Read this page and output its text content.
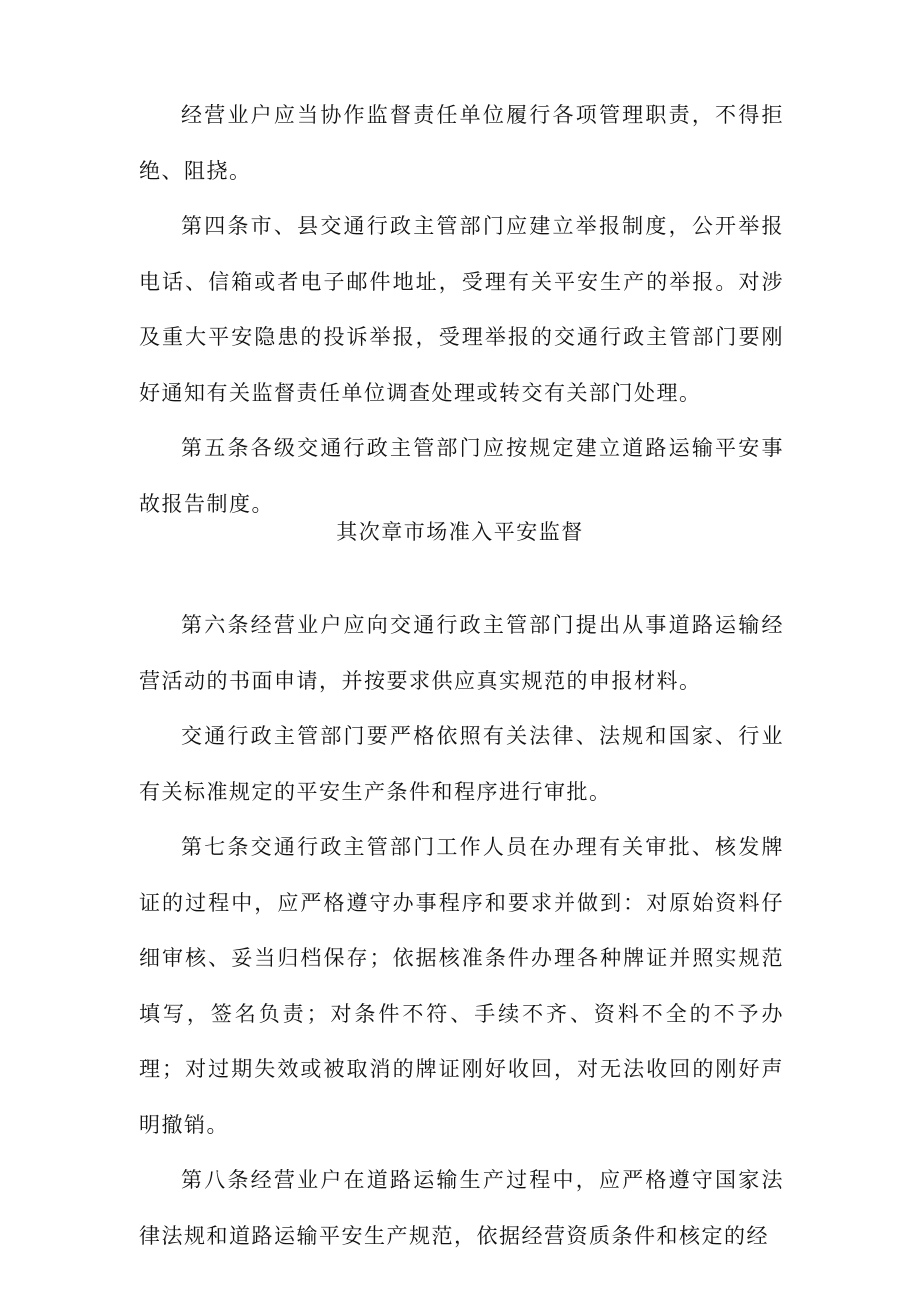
经营业户应当协作监督责任单位履行各项管理职责，不得拒绝、阻挠。

第四条市、县交通行政主管部门应建立举报制度，公开举报电话、信箱或者电子邮件地址，受理有关平安生产的举报。对涉及重大平安隐患的投诉举报，受理举报的交通行政主管部门要刚好通知有关监督责任单位调查处理或转交有关部门处理。

第五条各级交通行政主管部门应按规定建立道路运输平安事故报告制度。

其次章市场准入平安监督

第六条经营业户应向交通行政主管部门提出从事道路运输经营活动的书面申请，并按要求供应真实规范的申报材料。

交通行政主管部门要严格依照有关法律、法规和国家、行业有关标准规定的平安生产条件和程序进行审批。

第七条交通行政主管部门工作人员在办理有关审批、核发牌证的过程中，应严格遵守办事程序和要求并做到：对原始资料仔细审核、妥当归档保存；依据核准条件办理各种牌证并照实规范填写，签名负责；对条件不符、手续不齐、资料不全的不予办理；对过期失效或被取消的牌证刚好收回，对无法收回的刚好声明撤销。

第八条经营业户在道路运输生产过程中，应严格遵守国家法律法规和道路运输平安生产规范，依据经营资质条件和核定的经
